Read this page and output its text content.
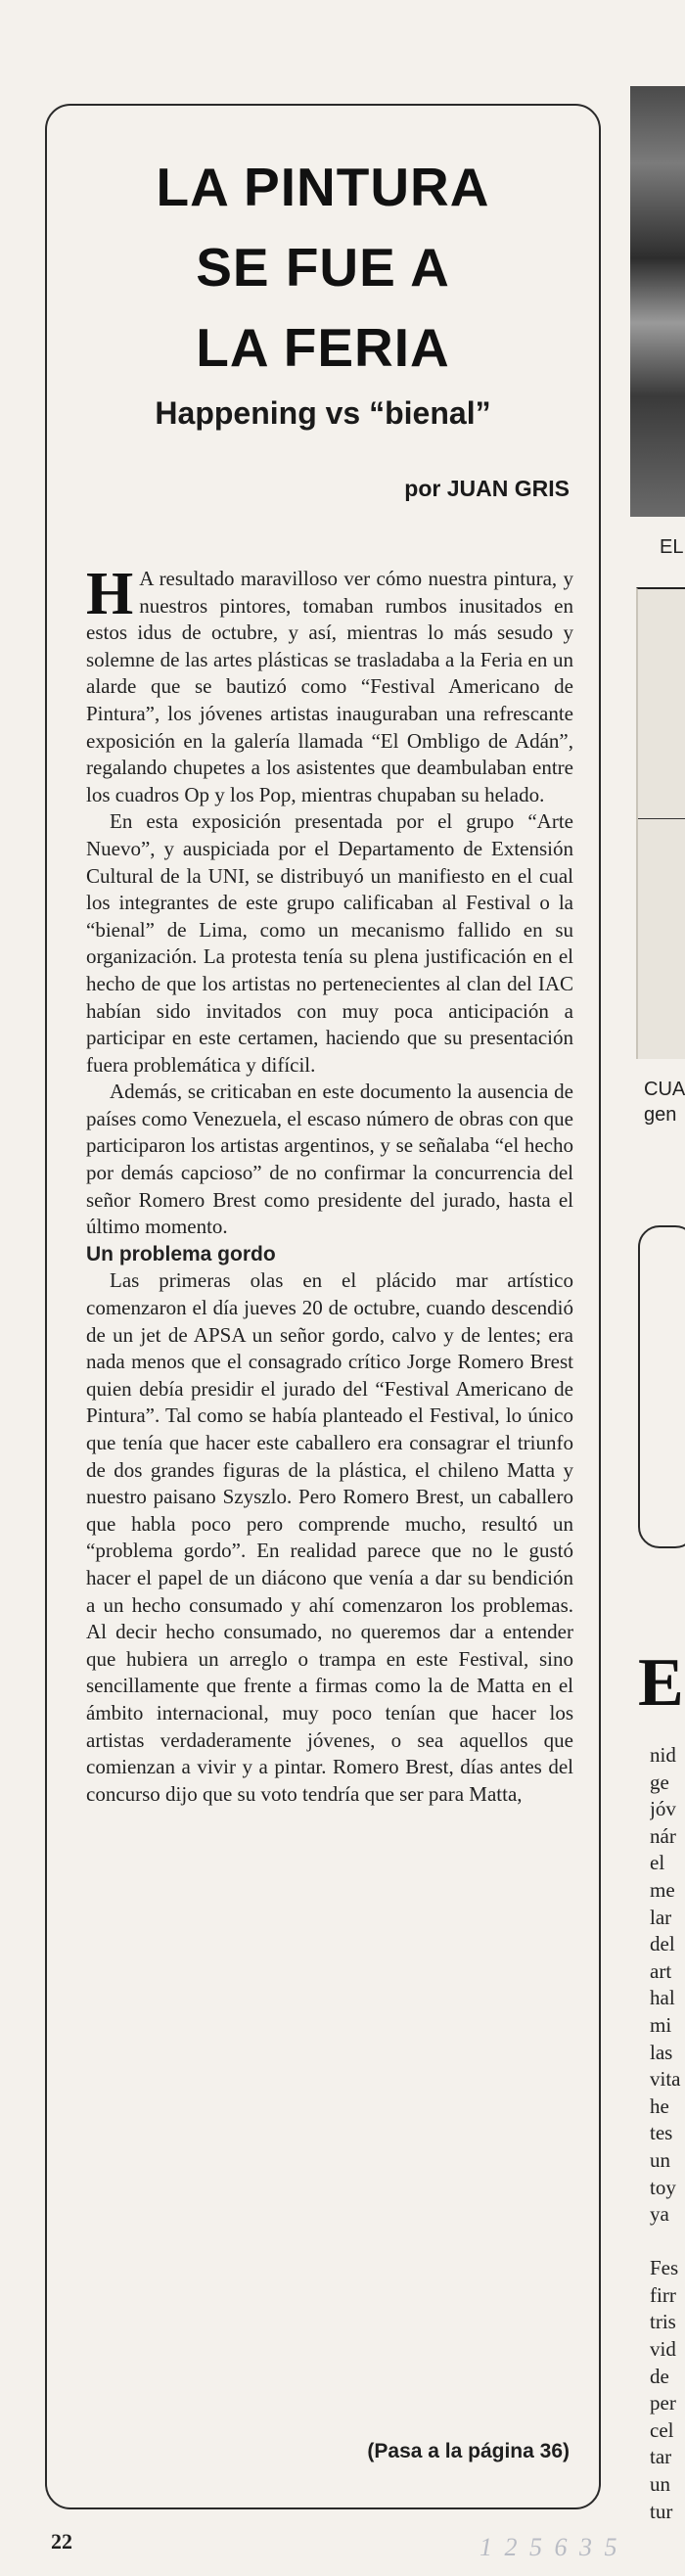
LA PINTURA
SE FUE A
LA FERIA
Happening vs “bienal”
por JUAN GRIS

H A resultado maravilloso ver cómo nuestra pintura, y nuestros pintores, tomaban rumbos inusitados en estos idus de octubre, y así, mientras lo más sesudo y solemne de las artes plásticas se trasladaba a la Feria en un alarde que se bautizó como “Festival Americano de Pintura”, los jóvenes artistas inauguraban una refrescante exposición en la galería llamada “El Ombligo de Adán”, regalando chupetes a los asistentes que deambulaban entre los cuadros Op y los Pop, mientras chupaban su helado.

En esta exposición presentada por el grupo “Arte Nuevo”, y auspiciada por el Departamento de Extensión Cultural de la UNI, se distribuyó un manifiesto en el cual los integrantes de este grupo calificaban al Festival o la “bienal” de Lima, como un mecanismo fallido en su organización. La protesta tenía su plena justificación en el hecho de que los artistas no pertenecientes al clan del IAC habían sido invitados con muy poca anticipación a participar en este certamen, haciendo que su presentación fuera problemática y difícil.

Además, se criticaban en este documento la ausencia de países como Venezuela, el escaso número de obras con que participaron los artistas argentinos, y se señalaba “el hecho por demás capcioso” de no confirmar la concurrencia del señor Romero Brest como presidente del jurado, hasta el último momento.

Un problema gordo

Las primeras olas en el plácido mar artístico comenzaron el día jueves 20 de octubre, cuando descendió de un jet de APSA un señor gordo, calvo y de lentes; era nada menos que el consagrado crítico Jorge Romero Brest quien debía presidir el jurado del “Festival Americano de Pintura”. Tal como se había planteado el Festival, lo único que tenía que hacer este caballero era consagrar el triunfo de dos grandes figuras de la plástica, el chileno Matta y nuestro paisano Szyszlo. Pero Romero Brest, un caballero que habla poco pero comprende mucho, resultó un “problema gordo”. En realidad parece que no le gustó hacer el papel de un diácono que venía a dar su bendición a un hecho consumado y ahí comenzaron los problemas. Al decir hecho consumado, no queremos dar a entender que hubiera un arreglo o trampa en este Festival, sino sencillamente que frente a firmas como la de Matta en el ámbito internacional, muy poco tenían que hacer los artistas verdaderamente jóvenes, o sea aquellos que comienzan a vivir y a pintar. Romero Brest, días antes del concurso dijo que su voto tendría que ser para Matta,

(Pasa a la página 36)
22	1 2 5 6 3 5
EL
CUA
gen
E
nid
ge
jóv
nár
el
me
lar
del
art
hal
mi
las
vita
he
tes
un
toy
ya
Fes
firr
tris
vid
de
per
cel
tar
un
tur
